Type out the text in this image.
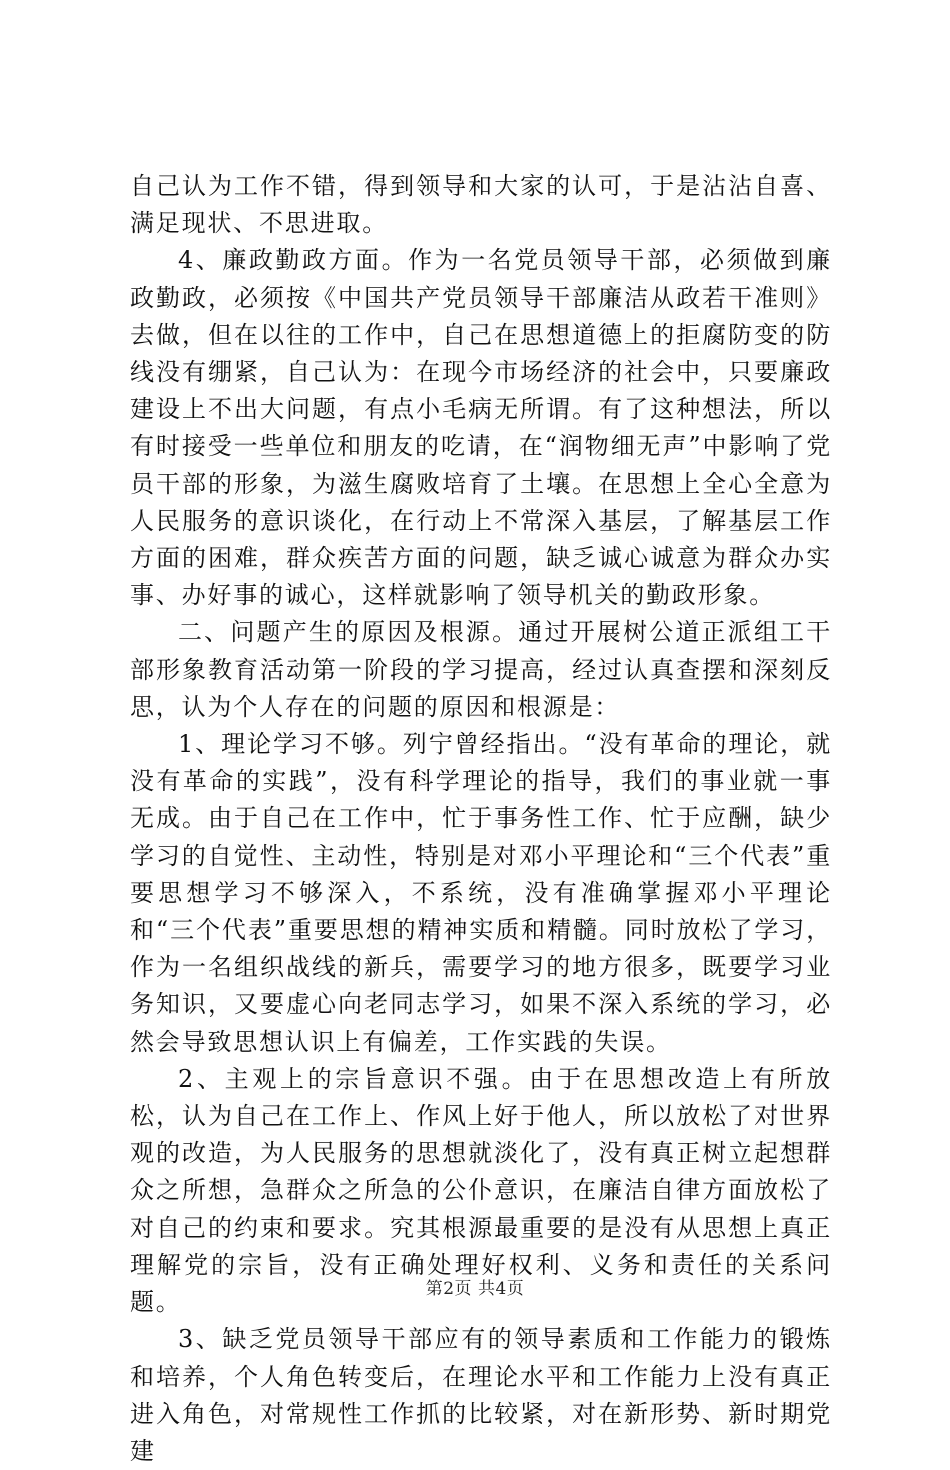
自己认为工作不错，得到领导和大家的认可，于是沾沾自喜、满足现状、不思进取。

4、廉政勤政方面。作为一名党员领导干部，必须做到廉政勤政，必须按《中国共产党员领导干部廉洁从政若干准则》去做，但在以往的工作中，自己在思想道德上的拒腐防变的防线没有绷紧，自己认为：在现今市场经济的社会中，只要廉政建设上不出大问题，有点小毛病无所谓。有了这种想法，所以有时接受一些单位和朋友的吃请，在“润物细无声”中影响了党员干部的形象，为滋生腐败培育了土壤。在思想上全心全意为人民服务的意识谈化，在行动上不常深入基层，了解基层工作方面的困难，群众疾苦方面的问题，缺乏诚心诚意为群众办实事、办好事的诚心，这样就影响了领导机关的勤政形象。

二、问题产生的原因及根源。通过开展树公道正派组工干部形象教育活动第一阶段的学习提高，经过认真查摆和深刻反思，认为个人存在的问题的原因和根源是：

1、理论学习不够。列宁曾经指出。“没有革命的理论，就没有革命的实践”，没有科学理论的指导，我们的事业就一事无成。由于自己在工作中，忙于事务性工作、忙于应酬，缺少学习的自觉性、主动性，特别是对邓小平理论和“三个代表”重要思想学习不够深入，不系统，没有准确掌握邓小平理论和“三个代表”重要思想的精神实质和精髓。同时放松了学习，作为一名组织战线的新兵，需要学习的地方很多，既要学习业务知识，又要虚心向老同志学习，如果不深入系统的学习，必然会导致思想认识上有偏差，工作实践的失误。

2、主观上的宗旨意识不强。由于在思想改造上有所放松，认为自己在工作上、作风上好于他人，所以放松了对世界观的改造，为人民服务的思想就淡化了，没有真正树立起想群众之所想，急群众之所急的公仆意识，在廉洁自律方面放松了对自己的约束和要求。究其根源最重要的是没有从思想上真正理解党的宗旨，没有正确处理好权利、义务和责任的关系问题。

3、缺乏党员领导干部应有的领导素质和工作能力的锻炼和培养，个人角色转变后，在理论水平和工作能力上没有真正进入角色，对常规性工作抓的比较紧，对在新形势、新时期党建

第2页 共4页
